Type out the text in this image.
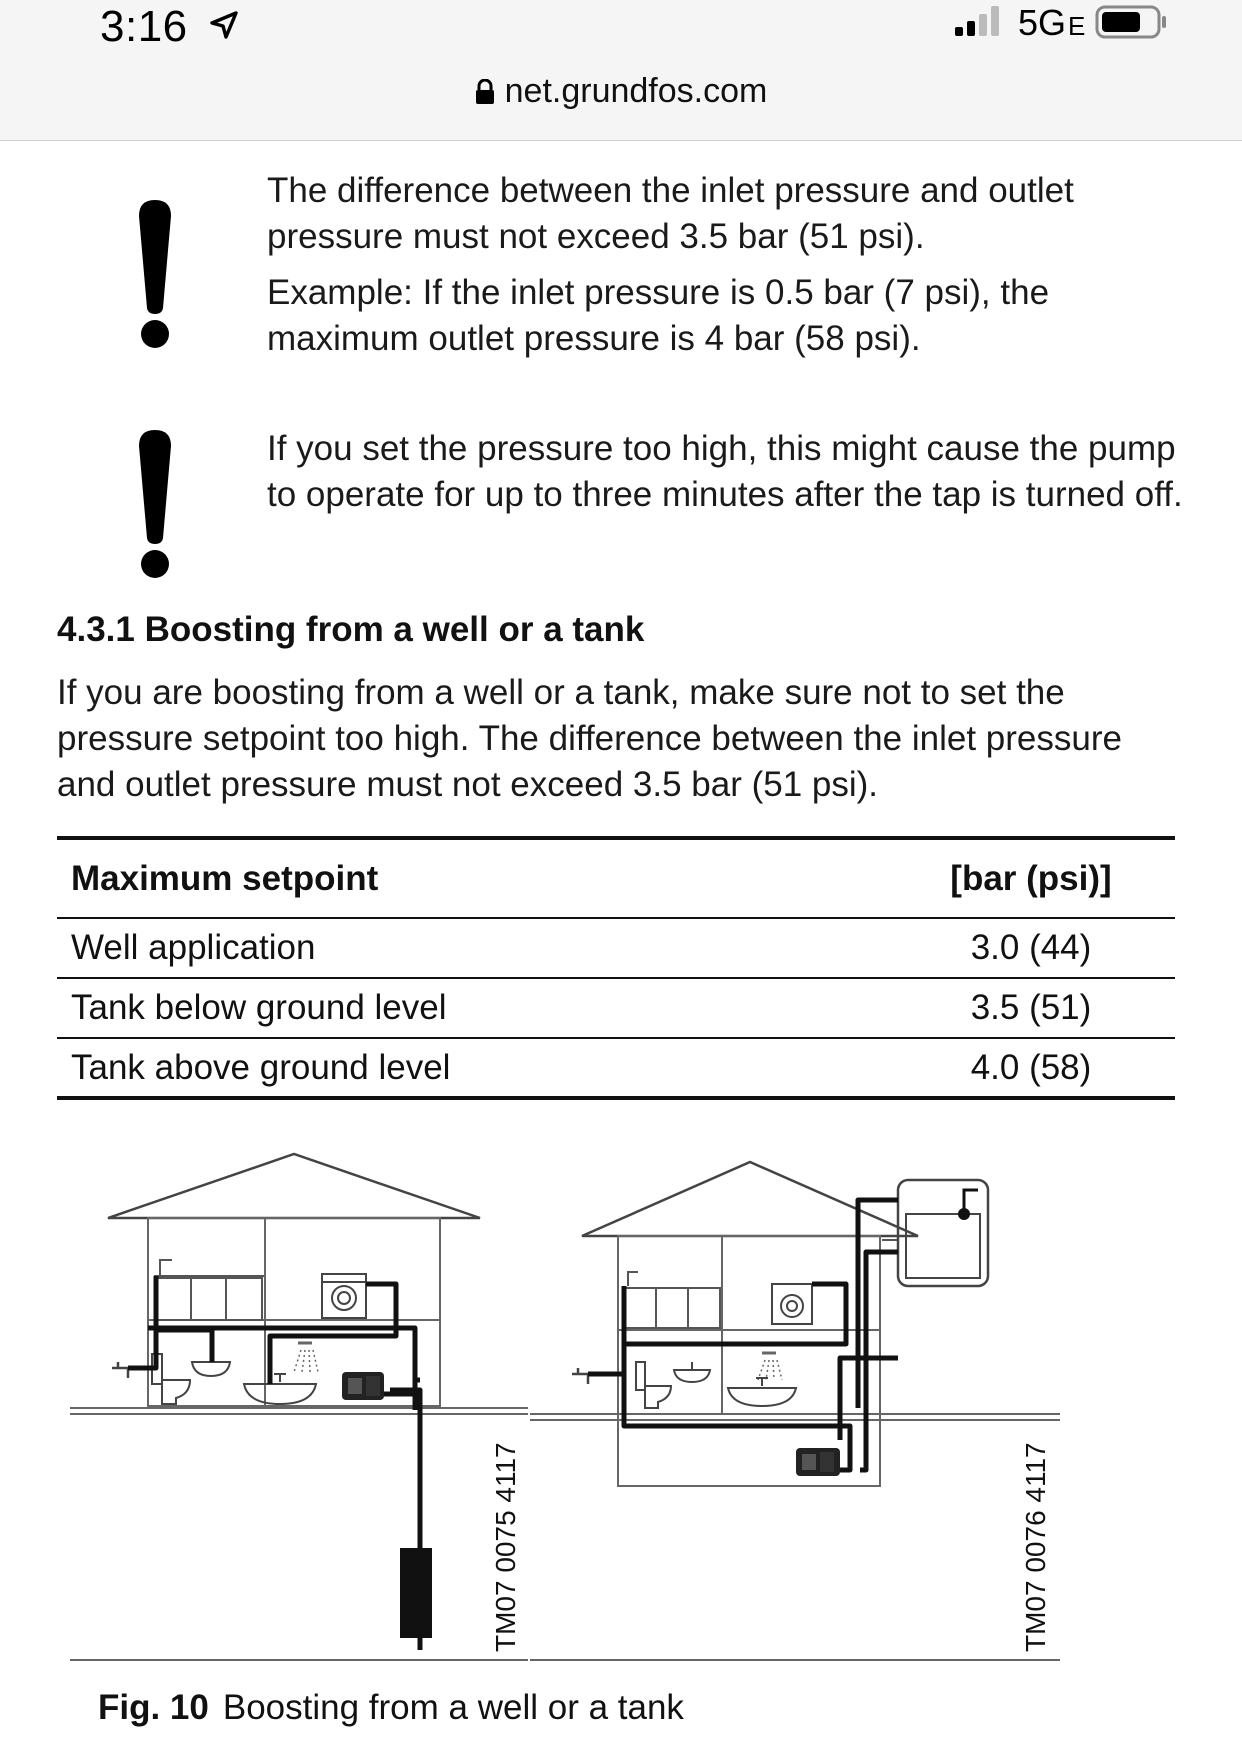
3:16	5GE
net.grundfos.com

The difference between the inlet pressure and outlet pressure must not exceed 3.5 bar (51 psi).

Example: If the inlet pressure is 0.5 bar (7 psi), the maximum outlet pressure is 4 bar (58 psi).

If you set the pressure too high, this might cause the pump to operate for up to three minutes after the tap is turned off.

4.3.1 Boosting from a well or a tank
If you are boosting from a well or a tank, make sure not to set the pressure setpoint too high. The difference between the inlet pressure and outlet pressure must not exceed 3.5 bar (51 psi).
Maximum setpoint	[bar (psi)]
Well application	3.0 (44)
Tank below ground level	3.5 (51)
Tank above ground level	4.0 (58)
TM07 0075 4117	TM07 0076 4117
Fig. 10 Boosting from a well or a tank
